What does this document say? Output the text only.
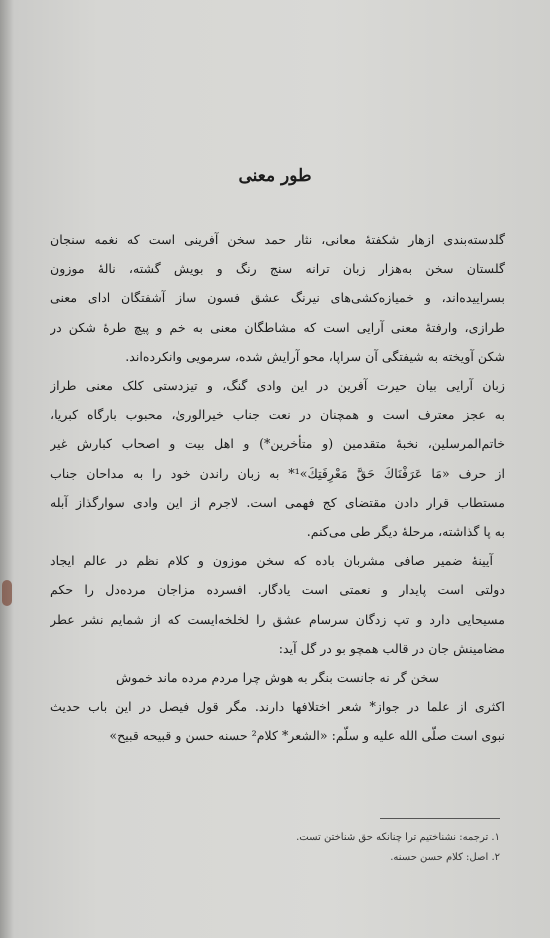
طور معنی
گلدسته‌بندی ازهار شکفتهٔ معانی، نثار حمد سخن آفرینی است که نغمه سنجان
گلستان سخن به‌هزار زبان ترانه سنج رنگ و بویش گشته، نالهٔ موزون
بسرایید‌ه‌اند، و خمیازه‌کشی‌های نیرنگ عشق فسون ساز آشفتگان ادای معنی
طرازی، وارفتهٔ معنی آرایی است که مشاطگان معنی به خم و پیچ طرهٔ شکن در
شکن آویخته به شیفتگی آن سراپا، محو آرایش شده، سرمویی وانکرده‌اند.
زبان آرایی بیان حیرت آفرین در این وادی گنگ، و تیزدستی کلک معنی طراز
به عجز معترف است و همچنان در نعت جناب خیرالوریٰ، محبوب بارگاه کبریا،
خاتم‌المرسلین، نخبهٔ متقدمین (و متأخرین*) و اهل بیت و اصحاب کبارش غیر
از حرف «مَا عَرَفْنَاكَ حَقَّ مَعْرِفَتِكَ»¹* به زبان راندن خود را به مداحان جناب
مستطاب قرار دادن مقتضای کج فهمی است. لاجرم از این وادی سوارگذاز آبله
به پا گذاشته، مرحلهٔ دیگر طی می‌کنم.
آیینهٔ ضمیر صافی مشربان باده که سخن موزون و کلام نظم در عالم ایجاد
دولتی است پایدار و نعمتی است یادگار. افسرده مزاجان مرده‌دل را حکم
مسیحایی دارد و تپ زدگان سرسام عشق را لخلخه‌ایست که از شمایم نشر عطر
مضامینش جان در قالب همچو بو در گل آید:
سخن گر نه جانست بنگر به هوش چرا مردم مرده ماند خموش
اکثری از علما در جواز* شعر اختلافها دارند. مگر قول فیصل در این باب حدیث
نبوی است صلّی الله علیه و سلّم: «الشعر* کلام² حسنه حسن و قبیحه قبیح»
۱. ترجمه: نشناختیم ترا چنانکه حق شناختن تست.
۲. اصل: کلام حسن حسنه.
